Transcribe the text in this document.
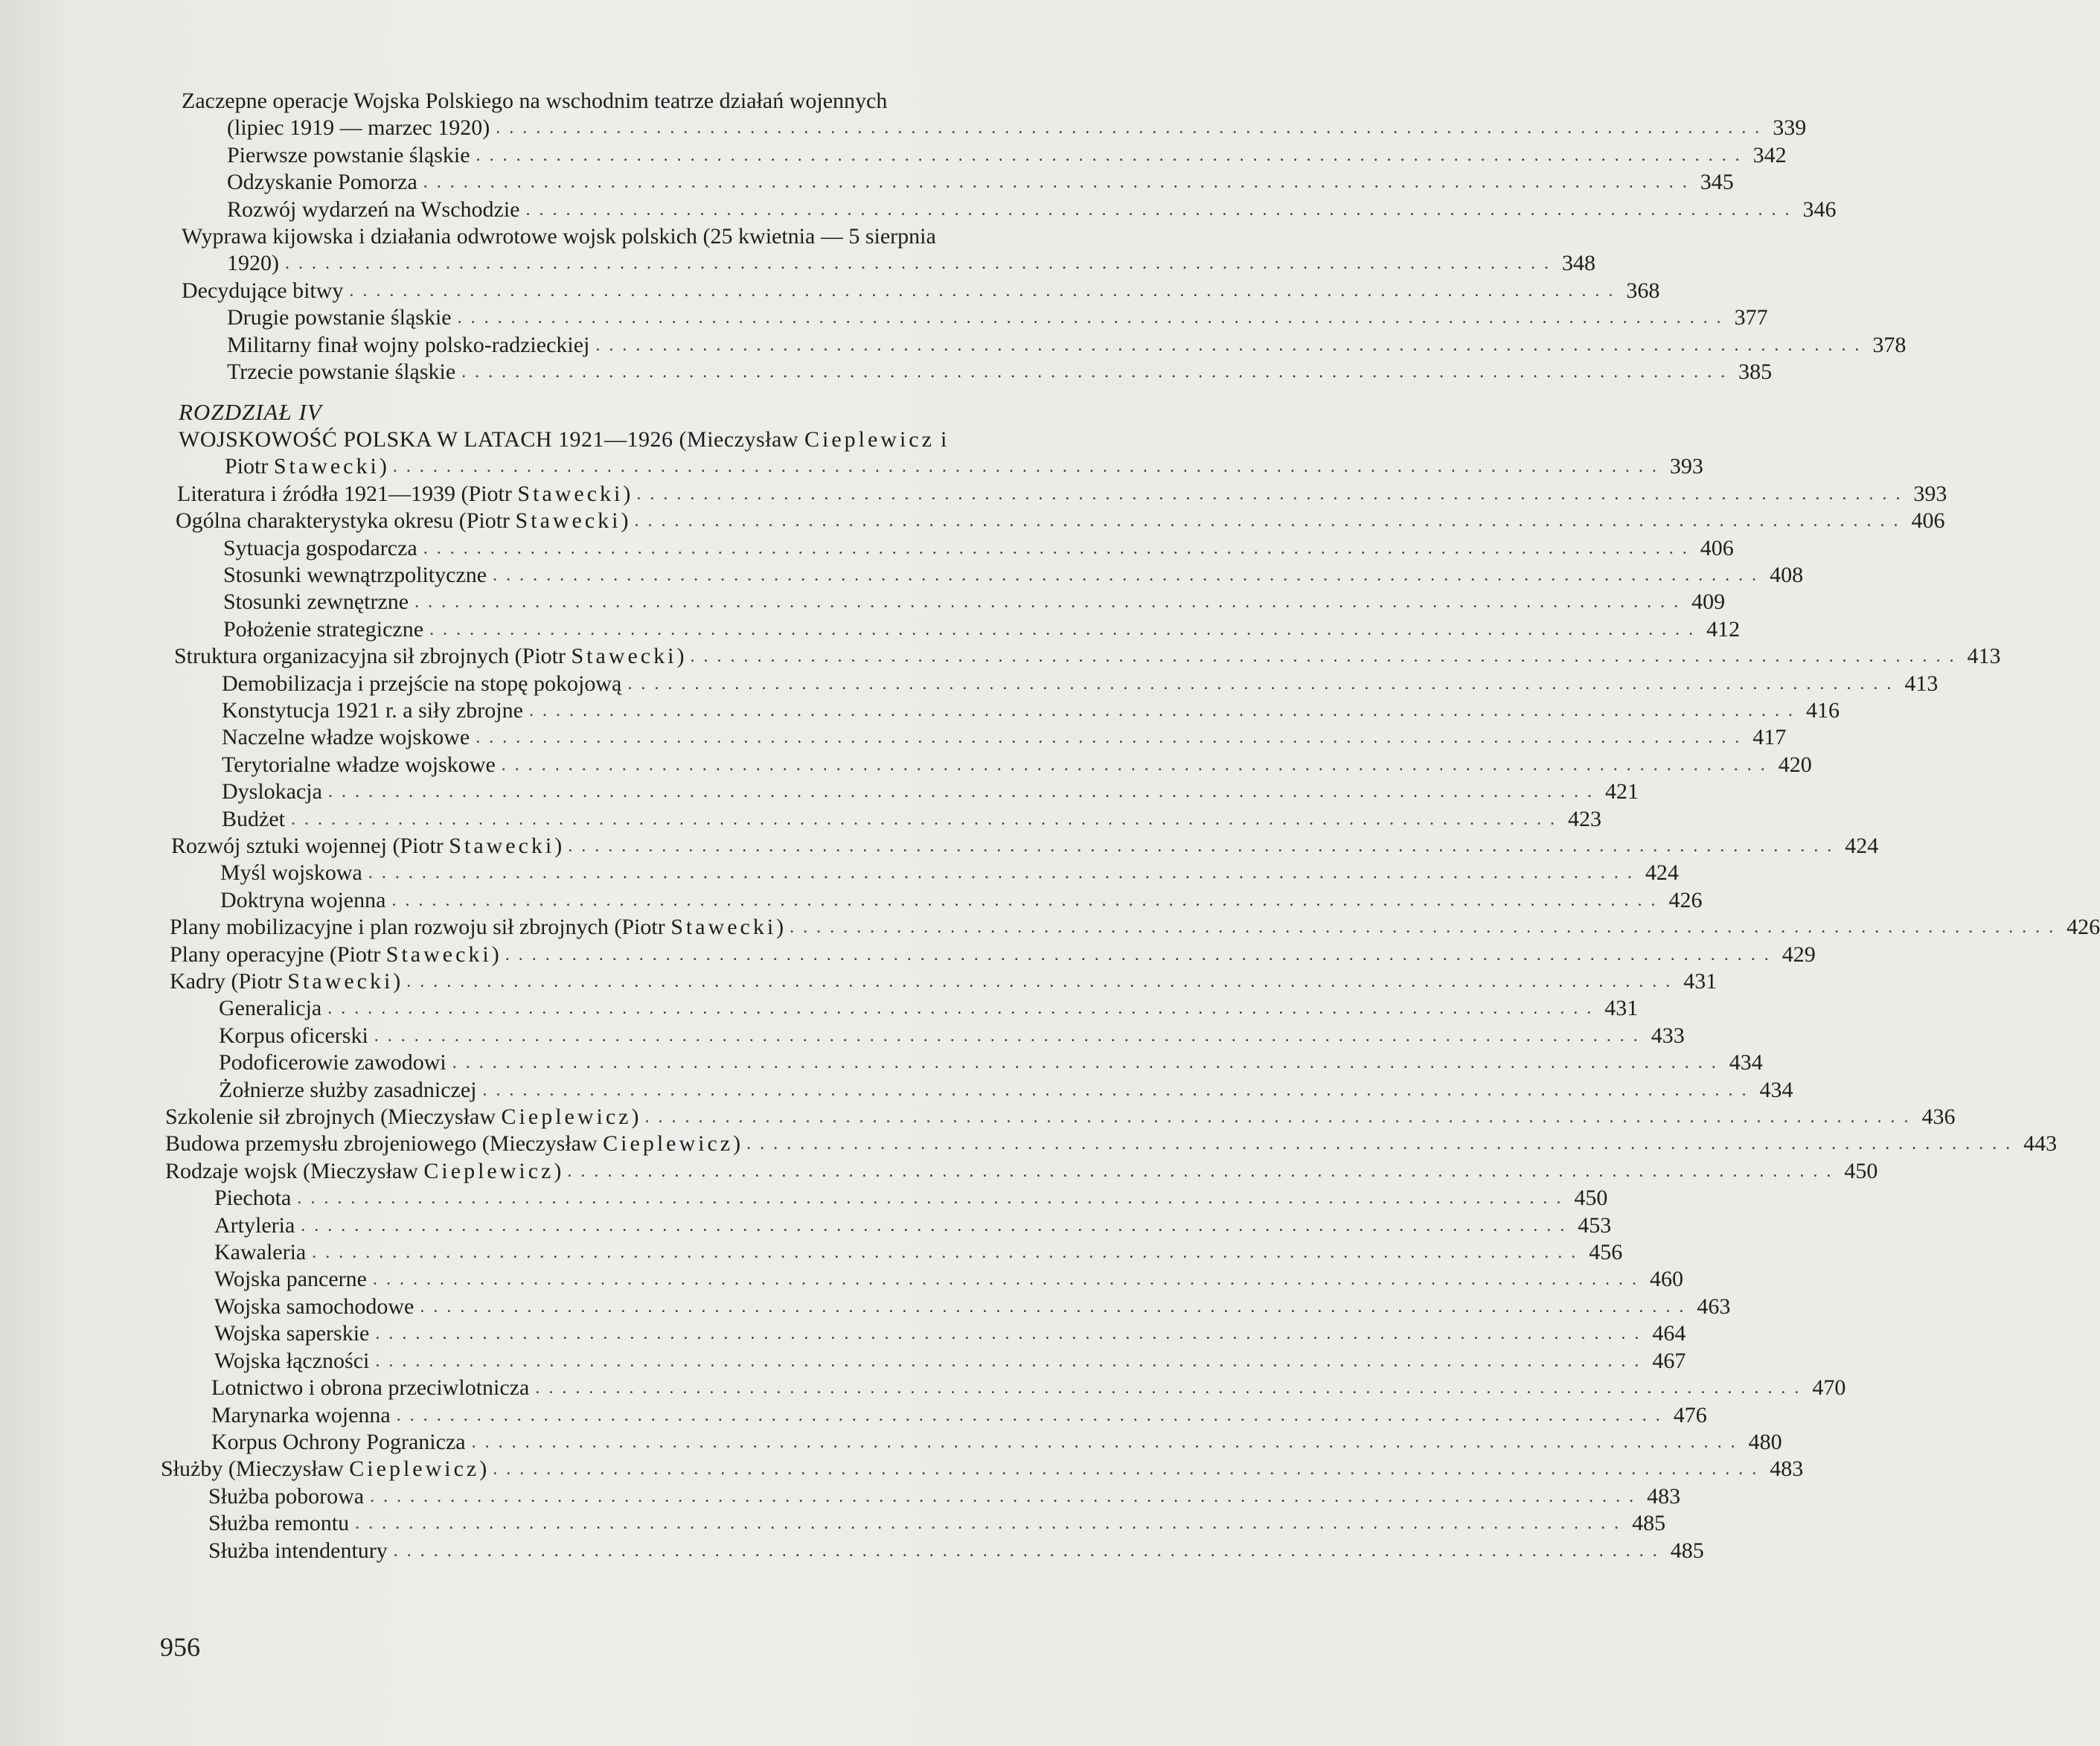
Zaczepne operacje Wojska Polskiego na wschodnim teatrze działań wojennych
(lipiec 1919 — marzec 1920) . . . . . . . . . . . . . . . . . . . . . . . . . . . . . . . . . . . . . . . . . . . . . . . . . . . . . . . . . . . . . . . . . . . . . . . . . . . . . . . . . . . . . . . . . . . . . . . 339
Pierwsze powstanie śląskie . . . . . . . . . . . . . . . . . . . . . . . . . . . . . . . . . . . . . . . . . . . . . . . . . . . . . . . . . . . . . . . . . . . . . . . . . . . . . . . . . . . . . . . . . . . . . . . 342
Odzyskanie Pomorza . . . . . . . . . . . . . . . . . . . . . . . . . . . . . . . . . . . . . . . . . . . . . . . . . . . . . . . . . . . . . . . . . . . . . . . . . . . . . . . . . . . . . . . . . . . . . . . 345
Rozwój wydarzeń na Wschodzie . . . . . . . . . . . . . . . . . . . . . . . . . . . . . . . . . . . . . . . . . . . . . . . . . . . . . . . . . . . . . . . . . . . . . . . . . . . . . . . . . . . . . . . . . . . . . . . 346
Wyprawa kijowska i działania odwrotowe wojsk polskich (25 kwietnia — 5 sierpnia
1920) . . . . . . . . . . . . . . . . . . . . . . . . . . . . . . . . . . . . . . . . . . . . . . . . . . . . . . . . . . . . . . . . . . . . . . . . . . . . . . . . . . . . . . . . . . . . . . . 348
Decydujące bitwy . . . . . . . . . . . . . . . . . . . . . . . . . . . . . . . . . . . . . . . . . . . . . . . . . . . . . . . . . . . . . . . . . . . . . . . . . . . . . . . . . . . . . . . . . . . . . . . 368
Drugie powstanie śląskie . . . . . . . . . . . . . . . . . . . . . . . . . . . . . . . . . . . . . . . . . . . . . . . . . . . . . . . . . . . . . . . . . . . . . . . . . . . . . . . . . . . . . . . . . . . . . . . 377
Militarny finał wojny polsko-radzieckiej . . . . . . . . . . . . . . . . . . . . . . . . . . . . . . . . . . . . . . . . . . . . . . . . . . . . . . . . . . . . . . . . . . . . . . . . . . . . . . . . . . . . . . . . . . . . . . . 378
Trzecie powstanie śląskie . . . . . . . . . . . . . . . . . . . . . . . . . . . . . . . . . . . . . . . . . . . . . . . . . . . . . . . . . . . . . . . . . . . . . . . . . . . . . . . . . . . . . . . . . . . . . . . 385
ROZDZIAŁ IV
WOJSKOWOŚĆ POLSKA W LATACH 1921—1926 (Mieczysław Cieplewicz i
Piotr Stawecki) . . . . . . . . . . . . . . . . . . . . . . . . . . . . . . . . . . . . . . . . . . . . . . . . . . . . . . . . . . . . . . . . . . . . . . . . . . . . . . . . . . . . . . . . . . . . . . . 393
Literatura i źródła 1921—1939 (Piotr Stawecki) . . . . . . . . . . . . . . . . . . . . . . . . . . . . . . . . . . . . . . . . . . . . . . . . . . . . . . . . . . . . . . . . . . . . . . . . . . . . . . . . . . . . . . . . . . . . . . . 393
Ogólna charakterystyka okresu (Piotr Stawecki) . . . . . . . . . . . . . . . . . . . . . . . . . . . . . . . . . . . . . . . . . . . . . . . . . . . . . . . . . . . . . . . . . . . . . . . . . . . . . . . . . . . . . . . . . . . . . . . 406
Sytuacja gospodarcza . . . . . . . . . . . . . . . . . . . . . . . . . . . . . . . . . . . . . . . . . . . . . . . . . . . . . . . . . . . . . . . . . . . . . . . . . . . . . . . . . . . . . . . . . . . . . . . 406
Stosunki wewnątrzpolityczne . . . . . . . . . . . . . . . . . . . . . . . . . . . . . . . . . . . . . . . . . . . . . . . . . . . . . . . . . . . . . . . . . . . . . . . . . . . . . . . . . . . . . . . . . . . . . . . 408
Stosunki zewnętrzne . . . . . . . . . . . . . . . . . . . . . . . . . . . . . . . . . . . . . . . . . . . . . . . . . . . . . . . . . . . . . . . . . . . . . . . . . . . . . . . . . . . . . . . . . . . . . . . 409
Położenie strategiczne . . . . . . . . . . . . . . . . . . . . . . . . . . . . . . . . . . . . . . . . . . . . . . . . . . . . . . . . . . . . . . . . . . . . . . . . . . . . . . . . . . . . . . . . . . . . . . . 412
Struktura organizacyjna sił zbrojnych (Piotr Stawecki) . . . . . . . . . . . . . . . . . . . . . . . . . . . . . . . . . . . . . . . . . . . . . . . . . . . . . . . . . . . . . . . . . . . . . . . . . . . . . . . . . . . . . . . . . . . . . . . 413
Demobilizacja i przejście na stopę pokojową . . . . . . . . . . . . . . . . . . . . . . . . . . . . . . . . . . . . . . . . . . . . . . . . . . . . . . . . . . . . . . . . . . . . . . . . . . . . . . . . . . . . . . . . . . . . . . . 413
Konstytucja 1921 r. a siły zbrojne . . . . . . . . . . . . . . . . . . . . . . . . . . . . . . . . . . . . . . . . . . . . . . . . . . . . . . . . . . . . . . . . . . . . . . . . . . . . . . . . . . . . . . . . . . . . . . . 416
Naczelne władze wojskowe . . . . . . . . . . . . . . . . . . . . . . . . . . . . . . . . . . . . . . . . . . . . . . . . . . . . . . . . . . . . . . . . . . . . . . . . . . . . . . . . . . . . . . . . . . . . . . . 417
Terytorialne władze wojskowe . . . . . . . . . . . . . . . . . . . . . . . . . . . . . . . . . . . . . . . . . . . . . . . . . . . . . . . . . . . . . . . . . . . . . . . . . . . . . . . . . . . . . . . . . . . . . . . 420
Dyslokacja . . . . . . . . . . . . . . . . . . . . . . . . . . . . . . . . . . . . . . . . . . . . . . . . . . . . . . . . . . . . . . . . . . . . . . . . . . . . . . . . . . . . . . . . . . . . . . . 421
Budżet . . . . . . . . . . . . . . . . . . . . . . . . . . . . . . . . . . . . . . . . . . . . . . . . . . . . . . . . . . . . . . . . . . . . . . . . . . . . . . . . . . . . . . . . . . . . . . . 423
Rozwój sztuki wojennej (Piotr Stawecki) . . . . . . . . . . . . . . . . . . . . . . . . . . . . . . . . . . . . . . . . . . . . . . . . . . . . . . . . . . . . . . . . . . . . . . . . . . . . . . . . . . . . . . . . . . . . . . . 424
Myśl wojskowa . . . . . . . . . . . . . . . . . . . . . . . . . . . . . . . . . . . . . . . . . . . . . . . . . . . . . . . . . . . . . . . . . . . . . . . . . . . . . . . . . . . . . . . . . . . . . . . 424
Doktryna wojenna . . . . . . . . . . . . . . . . . . . . . . . . . . . . . . . . . . . . . . . . . . . . . . . . . . . . . . . . . . . . . . . . . . . . . . . . . . . . . . . . . . . . . . . . . . . . . . . 426
Plany mobilizacyjne i plan rozwoju sił zbrojnych (Piotr Stawecki) . . . . . . . . . . . . . . . . . . . . . . . . . . . . . . . . . . . . . . . . . . . . . . . . . . . . . . . . . . . . . . . . . . . . . . . . . . . . . . . . . . . . . . . . . . . . . . . 426
Plany operacyjne (Piotr Stawecki) . . . . . . . . . . . . . . . . . . . . . . . . . . . . . . . . . . . . . . . . . . . . . . . . . . . . . . . . . . . . . . . . . . . . . . . . . . . . . . . . . . . . . . . . . . . . . . . 429
Kadry (Piotr Stawecki) . . . . . . . . . . . . . . . . . . . . . . . . . . . . . . . . . . . . . . . . . . . . . . . . . . . . . . . . . . . . . . . . . . . . . . . . . . . . . . . . . . . . . . . . . . . . . . . 431
Generalicja . . . . . . . . . . . . . . . . . . . . . . . . . . . . . . . . . . . . . . . . . . . . . . . . . . . . . . . . . . . . . . . . . . . . . . . . . . . . . . . . . . . . . . . . . . . . . . . 431
Korpus oficerski . . . . . . . . . . . . . . . . . . . . . . . . . . . . . . . . . . . . . . . . . . . . . . . . . . . . . . . . . . . . . . . . . . . . . . . . . . . . . . . . . . . . . . . . . . . . . . . 433
Podoficerowie zawodowi . . . . . . . . . . . . . . . . . . . . . . . . . . . . . . . . . . . . . . . . . . . . . . . . . . . . . . . . . . . . . . . . . . . . . . . . . . . . . . . . . . . . . . . . . . . . . . . 434
Żołnierze służby zasadniczej . . . . . . . . . . . . . . . . . . . . . . . . . . . . . . . . . . . . . . . . . . . . . . . . . . . . . . . . . . . . . . . . . . . . . . . . . . . . . . . . . . . . . . . . . . . . . . . 434
Szkolenie sił zbrojnych (Mieczysław Cieplewicz) . . . . . . . . . . . . . . . . . . . . . . . . . . . . . . . . . . . . . . . . . . . . . . . . . . . . . . . . . . . . . . . . . . . . . . . . . . . . . . . . . . . . . . . . . . . . . . . 436
Budowa przemysłu zbrojeniowego (Mieczysław Cieplewicz) . . . . . . . . . . . . . . . . . . . . . . . . . . . . . . . . . . . . . . . . . . . . . . . . . . . . . . . . . . . . . . . . . . . . . . . . . . . . . . . . . . . . . . . . . . . . . . . 443
Rodzaje wojsk (Mieczysław Cieplewicz) . . . . . . . . . . . . . . . . . . . . . . . . . . . . . . . . . . . . . . . . . . . . . . . . . . . . . . . . . . . . . . . . . . . . . . . . . . . . . . . . . . . . . . . . . . . . . . . 450
Piechota . . . . . . . . . . . . . . . . . . . . . . . . . . . . . . . . . . . . . . . . . . . . . . . . . . . . . . . . . . . . . . . . . . . . . . . . . . . . . . . . . . . . . . . . . . . . . . . 450
Artyleria . . . . . . . . . . . . . . . . . . . . . . . . . . . . . . . . . . . . . . . . . . . . . . . . . . . . . . . . . . . . . . . . . . . . . . . . . . . . . . . . . . . . . . . . . . . . . . . 453
Kawaleria . . . . . . . . . . . . . . . . . . . . . . . . . . . . . . . . . . . . . . . . . . . . . . . . . . . . . . . . . . . . . . . . . . . . . . . . . . . . . . . . . . . . . . . . . . . . . . . 456
Wojska pancerne . . . . . . . . . . . . . . . . . . . . . . . . . . . . . . . . . . . . . . . . . . . . . . . . . . . . . . . . . . . . . . . . . . . . . . . . . . . . . . . . . . . . . . . . . . . . . . . 460
Wojska samochodowe . . . . . . . . . . . . . . . . . . . . . . . . . . . . . . . . . . . . . . . . . . . . . . . . . . . . . . . . . . . . . . . . . . . . . . . . . . . . . . . . . . . . . . . . . . . . . . . 463
Wojska saperskie . . . . . . . . . . . . . . . . . . . . . . . . . . . . . . . . . . . . . . . . . . . . . . . . . . . . . . . . . . . . . . . . . . . . . . . . . . . . . . . . . . . . . . . . . . . . . . . 464
Wojska łączności . . . . . . . . . . . . . . . . . . . . . . . . . . . . . . . . . . . . . . . . . . . . . . . . . . . . . . . . . . . . . . . . . . . . . . . . . . . . . . . . . . . . . . . . . . . . . . . 467
Lotnictwo i obrona przeciwlotnicza . . . . . . . . . . . . . . . . . . . . . . . . . . . . . . . . . . . . . . . . . . . . . . . . . . . . . . . . . . . . . . . . . . . . . . . . . . . . . . . . . . . . . . . . . . . . . . . 470
Marynarka wojenna . . . . . . . . . . . . . . . . . . . . . . . . . . . . . . . . . . . . . . . . . . . . . . . . . . . . . . . . . . . . . . . . . . . . . . . . . . . . . . . . . . . . . . . . . . . . . . . 476
Korpus Ochrony Pogranicza . . . . . . . . . . . . . . . . . . . . . . . . . . . . . . . . . . . . . . . . . . . . . . . . . . . . . . . . . . . . . . . . . . . . . . . . . . . . . . . . . . . . . . . . . . . . . . . 480
Służby (Mieczysław Cieplewicz) . . . . . . . . . . . . . . . . . . . . . . . . . . . . . . . . . . . . . . . . . . . . . . . . . . . . . . . . . . . . . . . . . . . . . . . . . . . . . . . . . . . . . . . . . . . . . . . 483
Służba poborowa . . . . . . . . . . . . . . . . . . . . . . . . . . . . . . . . . . . . . . . . . . . . . . . . . . . . . . . . . . . . . . . . . . . . . . . . . . . . . . . . . . . . . . . . . . . . . . . 483
Służba remontu . . . . . . . . . . . . . . . . . . . . . . . . . . . . . . . . . . . . . . . . . . . . . . . . . . . . . . . . . . . . . . . . . . . . . . . . . . . . . . . . . . . . . . . . . . . . . . . 485
Służba intendentury . . . . . . . . . . . . . . . . . . . . . . . . . . . . . . . . . . . . . . . . . . . . . . . . . . . . . . . . . . . . . . . . . . . . . . . . . . . . . . . . . . . . . . . . . . . . . . . 485
956
